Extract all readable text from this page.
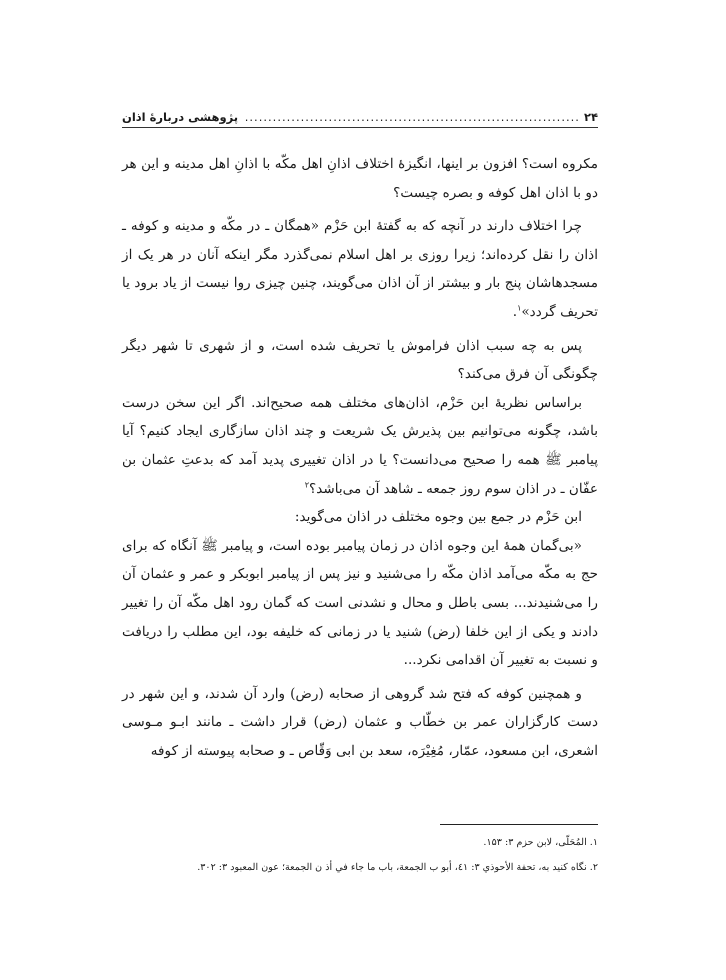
۲۴
........................................................................
پژوهشی دربارهٔ اذان

مکروه است؟ افزون بر اینها، انگیزهٔ اختلاف اذانِ اهل مکّه با اذانِ اهل مدینه و این هر دو با اذان اهل کوفه و بصره چیست؟

چرا اختلاف دارند در آنچه که به گفتهٔ ابن حَزْم «همگان ـ در مکّه و مدینه و کوفه ـ اذان را نقل کرده‌اند؛ زیرا روزی بر اهل اسلام نمی‌گذرد مگر اینکه آنان در هر یک از مسجدهاشان پنج بار و بیشتر از آن اذان می‌گویند، چنین چیزی روا نیست از یاد برود یا تحریف گردد»$^۱$.

پس به چه سبب اذان فراموش یا تحریف شده است، و از شهری تا شهر دیگر چگونگی آن فرق می‌کند؟

براساس نظریهٔ ابن حَزْم، اذان‌های مختلف همه صحیح‌اند. اگر این سخن درست باشد، چگونه می‌توانیم بین پذیرش یک شریعت و چند اذان سازگاری ایجاد کنیم؟ آیا پیامبر ﷺ همه را صحیح می‌دانست؟ یا در اذان تغییری پدید آمد که بدعتِ عثمان بن عفّان ـ در اذان سوم روز جمعه ـ شاهد آن می‌باشد؟$^۲$

ابن حَزْم در جمع بین وجوه مختلف در اذان می‌گوید:

«بی‌گمان همهٔ این وجوه اذان در زمان پیامبر بوده است، و پیامبر ﷺ آنگاه که برای حج به مکّه می‌آمد اذان مکّه را می‌شنید و نیز پس از پیامبر ابوبکر و عمر و عثمان آن را می‌شنیدند... بسی باطل و محال و نشدنی است که گمان رود اهل مکّه آن را تغییر دادند و یکی از این خلفا (رض) شنید یا در زمانی که خلیفه بود، این مطلب را دریافت و نسبت به تغییر آن اقدامی نکرد...

و همچنین کوفه که فتح شد گروهی از صحابه (رض) وارد آن شدند، و این شهر در دست کارگزاران عمر بن خطّاب و عثمان (رض) قرار داشت ـ مانند ابـو مـوسی اشعری، ابن مسعود، عمّار، مُغِیْرَه، سعد بن ابی وَقّاص ـ و صحابه پیوسته از کوفه

۱. المُحَلّی، لابن حزم ۳: ۱۵۳.
۲. نگاه کنید به، تحفة الأحوذي ۳: ٤١، أبو ب الجمعة، باب ما جاء في أذ ن الجمعة؛ عون المعبود ۳: ۳۰۲.
